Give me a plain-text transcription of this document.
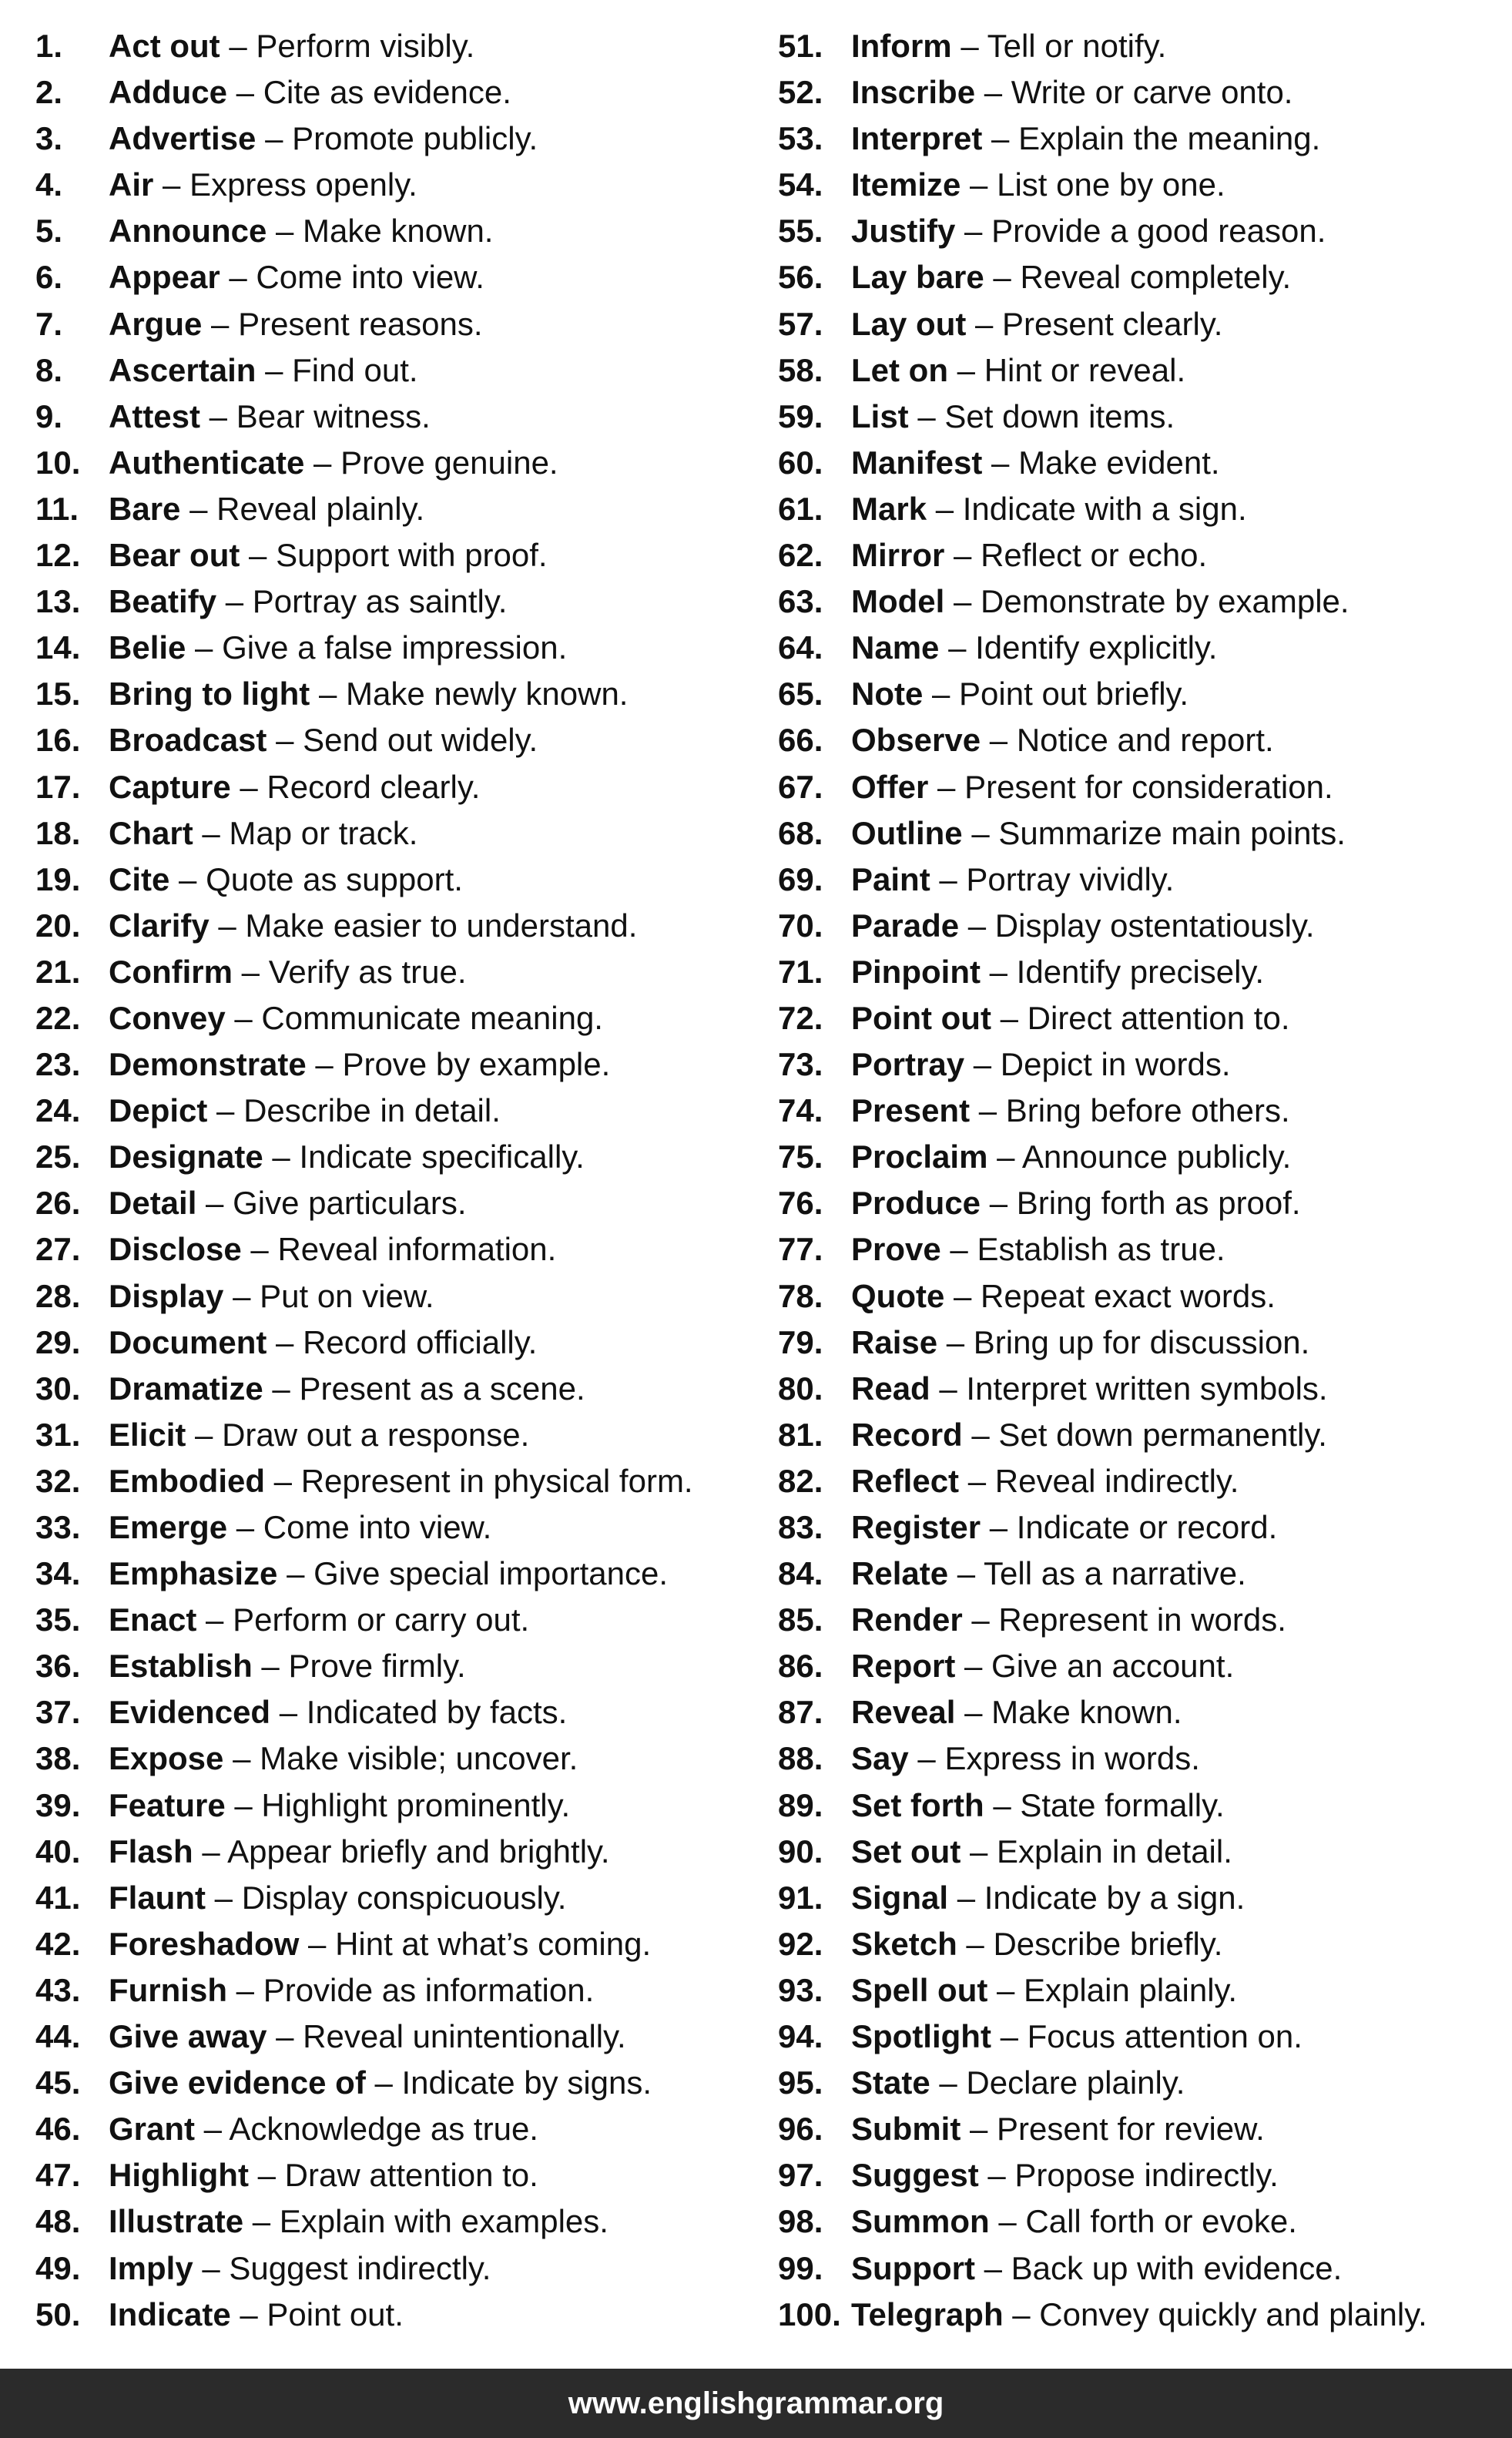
1.	Act out – Perform visibly.
2.	Adduce – Cite as evidence.
3.	Advertise – Promote publicly.
4.	Air – Express openly.
5.	Announce – Make known.
6.	Appear – Come into view.
7.	Argue – Present reasons.
8.	Ascertain – Find out.
9.	Attest – Bear witness.
10. Authenticate – Prove genuine.
11. Bare – Reveal plainly.
12. Bear out – Support with proof.
13. Beatify – Portray as saintly.
14. Belie – Give a false impression.
15. Bring to light – Make newly known.
16. Broadcast – Send out widely.
17. Capture – Record clearly.
18. Chart – Map or track.
19. Cite – Quote as support.
20. Clarify – Make easier to understand.
21. Confirm – Verify as true.
22. Convey – Communicate meaning.
23. Demonstrate – Prove by example.
24. Depict – Describe in detail.
25. Designate – Indicate specifically.
26. Detail – Give particulars.
27. Disclose – Reveal information.
28. Display – Put on view.
29. Document – Record officially.
30. Dramatize – Present as a scene.
31. Elicit – Draw out a response.
32. Embodied – Represent in physical form.
33. Emerge – Come into view.
34. Emphasize – Give special importance.
35. Enact – Perform or carry out.
36. Establish – Prove firmly.
37. Evidenced – Indicated by facts.
38. Expose – Make visible; uncover.
39. Feature – Highlight prominently.
40. Flash – Appear briefly and brightly.
41. Flaunt – Display conspicuously.
42. Foreshadow – Hint at what’s coming.
43. Furnish – Provide as information.
44. Give away – Reveal unintentionally.
45. Give evidence of – Indicate by signs.
46. Grant – Acknowledge as true.
47. Highlight – Draw attention to.
48. Illustrate – Explain with examples.
49. Imply – Suggest indirectly.
50. Indicate – Point out.
51. Inform – Tell or notify.
52. Inscribe – Write or carve onto.
53. Interpret – Explain the meaning.
54. Itemize – List one by one.
55. Justify – Provide a good reason.
56. Lay bare – Reveal completely.
57. Lay out – Present clearly.
58. Let on – Hint or reveal.
59. List – Set down items.
60. Manifest – Make evident.
61. Mark – Indicate with a sign.
62. Mirror – Reflect or echo.
63. Model – Demonstrate by example.
64. Name – Identify explicitly.
65. Note – Point out briefly.
66. Observe – Notice and report.
67. Offer – Present for consideration.
68. Outline – Summarize main points.
69. Paint – Portray vividly.
70. Parade – Display ostentatiously.
71. Pinpoint – Identify precisely.
72. Point out – Direct attention to.
73. Portray – Depict in words.
74. Present – Bring before others.
75. Proclaim – Announce publicly.
76. Produce – Bring forth as proof.
77. Prove – Establish as true.
78. Quote – Repeat exact words.
79. Raise – Bring up for discussion.
80. Read – Interpret written symbols.
81. Record – Set down permanently.
82. Reflect – Reveal indirectly.
83. Register – Indicate or record.
84. Relate – Tell as a narrative.
85. Render – Represent in words.
86. Report – Give an account.
87. Reveal – Make known.
88. Say – Express in words.
89. Set forth – State formally.
90. Set out – Explain in detail.
91. Signal – Indicate by a sign.
92. Sketch – Describe briefly.
93. Spell out – Explain plainly.
94. Spotlight – Focus attention on.
95. State – Declare plainly.
96. Submit – Present for review.
97. Suggest – Propose indirectly.
98. Summon – Call forth or evoke.
99. Support – Back up with evidence.
100. Telegraph – Convey quickly and plainly.
www.englishgrammar.org
